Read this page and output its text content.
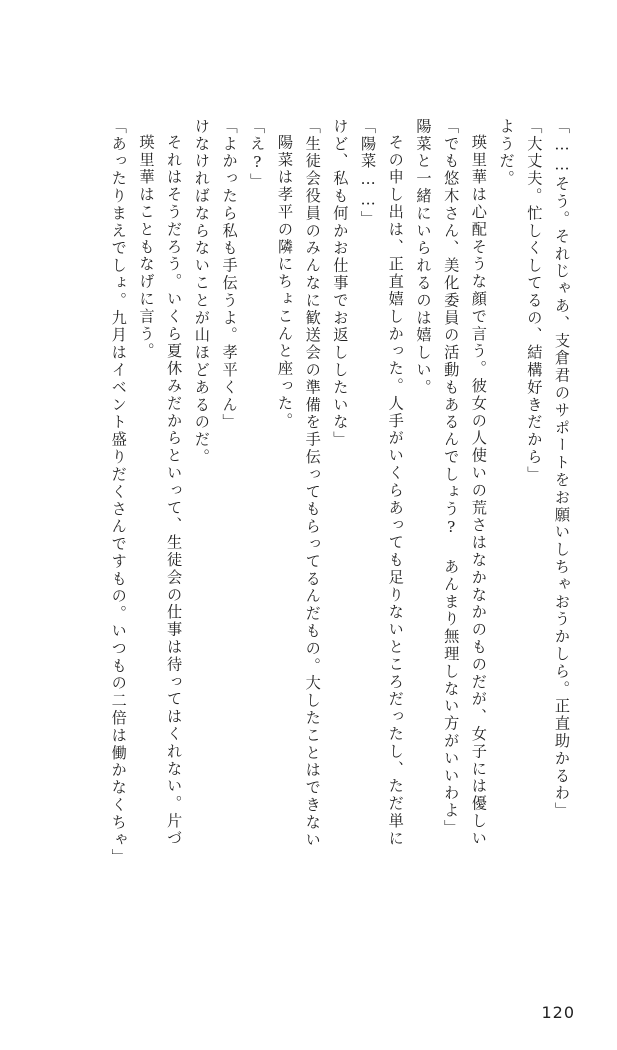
「あったりまえでしょ。九月はイベント盛りだくさんですもの。いつもの二倍は働かなくちゃ」 瑛里華はこともなげに言う。 それはそうだろう。いくら夏休みだからといって、生徒会の仕事は待ってはくれない。片づ けなければならないことが山ほどあるのだ。 「よかったら私も手伝うよ。孝平くん」 「え?」 陽菜は孝平の隣にちょこんと座った。 「生徒会役員のみんなに歓送会の準備を手伝ってもらってるんだもの。大したことはできない けど、私も何かお仕事でお返ししたいな」 「陽菜……」 その申し出は、正直嬉しかった。人手がいくらあっても足りないところだったし、ただ単に 陽菜と一緒にいられるのは嬉しい。 「でも悠木さん、美化委員の活動もあるんでしょう? あんまり無理しない方がいいわよ」 瑛里華は心配そうな顔で言う。彼女の人使いの荒さはなかなかのものだが、女子には優しい ようだ。 「大丈夫。忙しくしてるの、結構好きだから」 「……そう。それじゃあ、支倉君のサポートをお願いしちゃおうかしら。正直助かるわ」
120
